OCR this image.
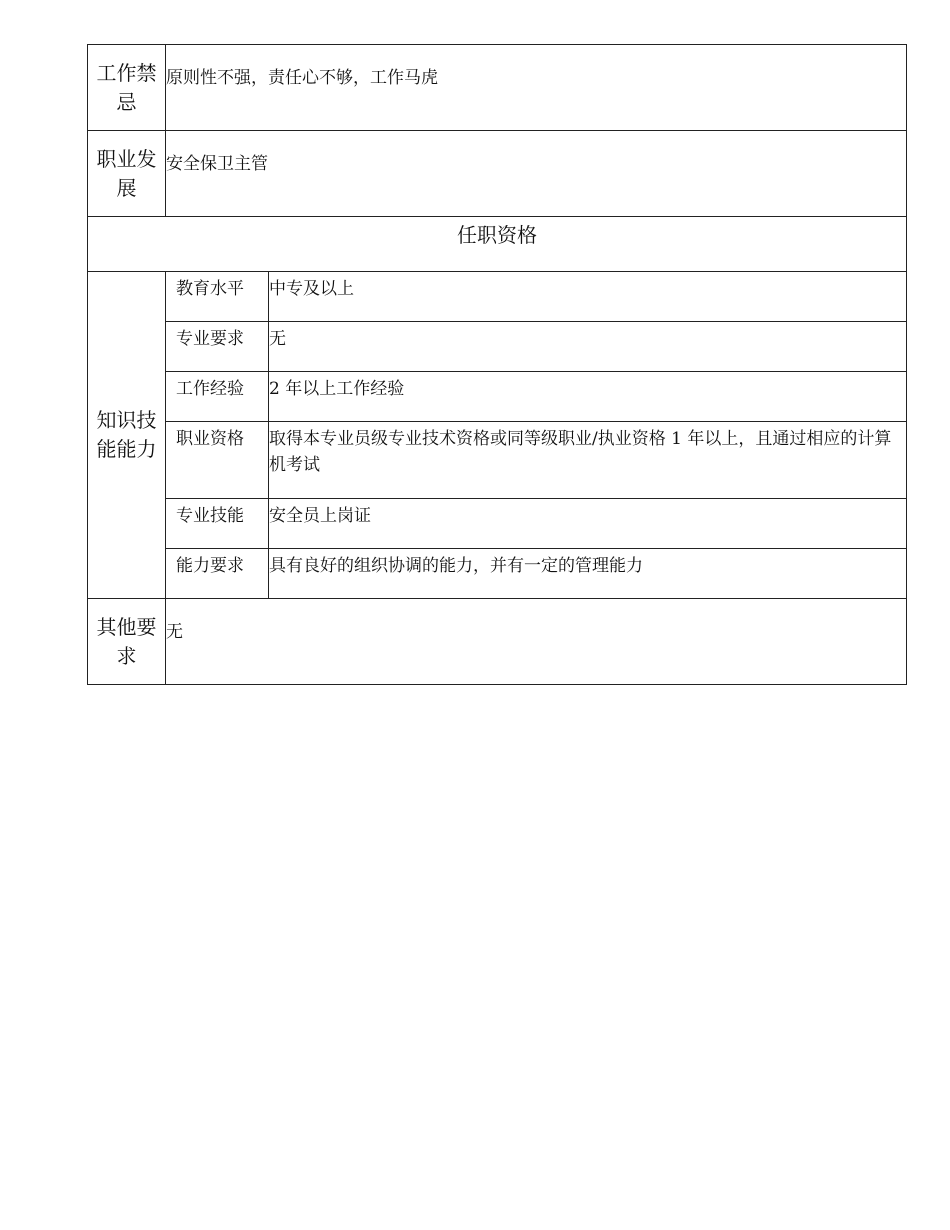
工作禁忌	原则性不强，责任心不够，工作马虎	
职业发展	安全保卫主管	
任职资格		
知识技能能力	教育水平	中专及以上
	专业要求	无
	工作经验	2 年以上工作经验
	职业资格	取得本专业员级专业技术资格或同等级职业/执业资格 1 年以上，且通过相应的计算机考试
	专业技能	安全员上岗证
	能力要求	具有良好的组织协调的能力，并有一定的管理能力
其他要求	无	
